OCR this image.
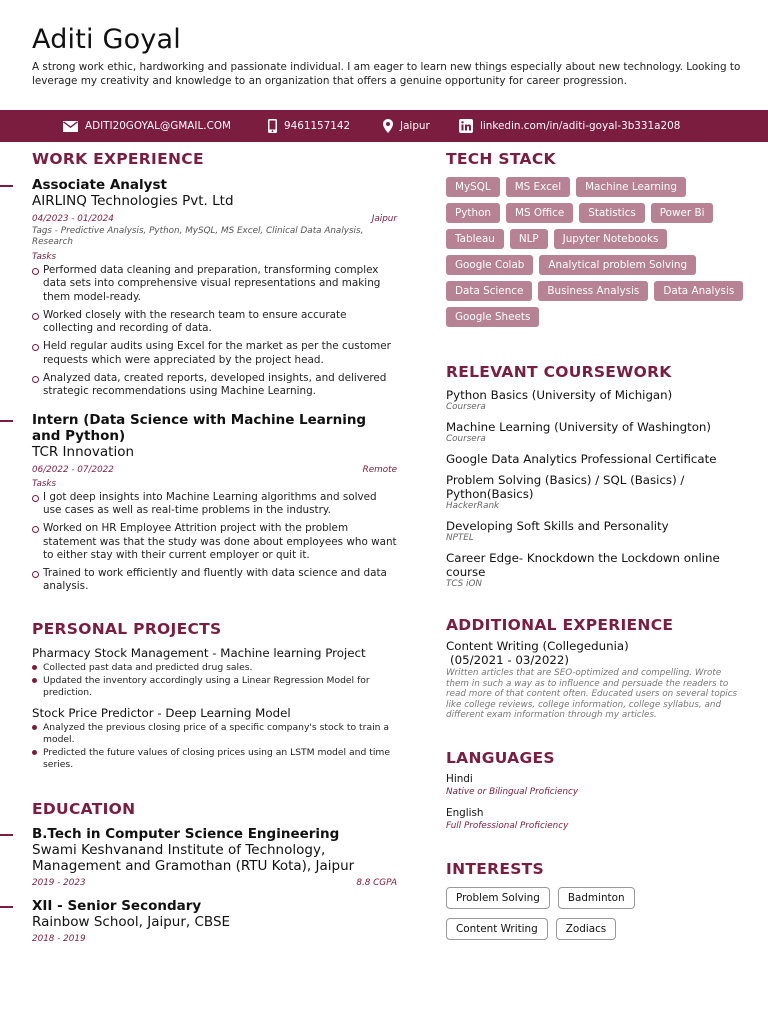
Aditi Goyal

A strong work ethic, hardworking and passionate individual. I am eager to learn new things especially about new technology. Looking to leverage my creativity and knowledge to an organization that offers a genuine opportunity for career progression.

ADITI20GOYAL@GMAIL.COM	9461157142	Jaipur	linkedin.com/in/aditi-goyal-3b331a208
WORK EXPERIENCE
Associate Analyst
AIRLINQ Technologies Pvt. Ltd
04/2023 - 01/2024	Jaipur
Tags - Predictive Analysis, Python, MySQL, MS Excel, Clinical Data Analysis, Research
Tasks
Performed data cleaning and preparation, transforming complex data sets into comprehensive visual representations and making them model-ready.
Worked closely with the research team to ensure accurate collecting and recording of data.
Held regular audits using Excel for the market as per the customer requests which were appreciated by the project head.
Analyzed data, created reports, developed insights, and delivered strategic recommendations using Machine Learning.
Intern (Data Science with Machine Learning and Python)
TCR Innovation
06/2022 - 07/2022	Remote
Tasks
I got deep insights into Machine Learning algorithms and solved use cases as well as real-time problems in the industry.
Worked on HR Employee Attrition project with the problem statement was that the study was done about employees who want to either stay with their current employer or quit it.
Trained to work efficiently and fluently with data science and data analysis.
PERSONAL PROJECTS
Pharmacy Stock Management - Machine learning Project
Collected past data and predicted drug sales.
Updated the inventory accordingly using a Linear Regression Model for prediction.
Stock Price Predictor - Deep Learning Model
Analyzed the previous closing price of a specific company's stock to train a model.
Predicted the future values of closing prices using an LSTM model and time series.
EDUCATION
B.Tech in Computer Science Engineering
Swami Keshvanand Institute of Technology, Management and Gramothan (RTU Kota), Jaipur
2019 - 2023	8.8 CGPA
XII - Senior Secondary
Rainbow School, Jaipur, CBSE
2018 - 2019
TECH STACK
MySQL	MS Excel	Machine Learning
Python	MS Office	Statistics	Power Bi
Tableau	NLP	Jupyter Notebooks
Google Colab	Analytical problem Solving
Data Science	Business Analysis	Data Analysis
Google Sheets
RELEVANT COURSEWORK
Python Basics (University of Michigan)
Coursera
Machine Learning (University of Washington)
Coursera
Google Data Analytics Professional Certificate
Problem Solving (Basics) / SQL (Basics) / Python(Basics)
HackerRank
Developing Soft Skills and Personality
NPTEL
Career Edge- Knockdown the Lockdown online course
TCS iON
ADDITIONAL EXPERIENCE
Content Writing (Collegedunia)
(05/2021 - 03/2022)
Written articles that are SEO-optimized and compelling. Wrote them in such a way as to influence and persuade the readers to read more of that content often. Educated users on several topics like college reviews, college information, college syllabus, and different exam information through my articles.
LANGUAGES
Hindi
Native or Bilingual Proficiency
English
Full Professional Proficiency
INTERESTS
Problem Solving	Badminton
Content Writing	Zodiacs
